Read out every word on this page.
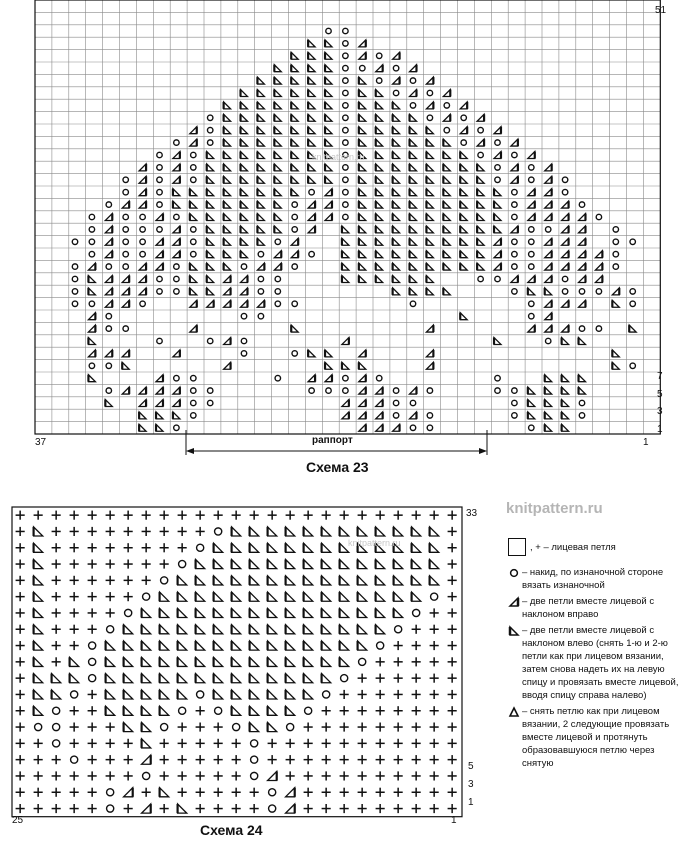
51
7
5
3
1
37	1
раппорт
Схема 23
33
5
3
1
25	1
Схема 24
knitpattern.ru
knitpattern.ru
knitpattern.ru	, + – лицевая петля
– накид, по изнаночной стороне вязать изнаночной
– две петли вместе лицевой с наклоном вправо
– две петли вместе лицевой с наклоном влево (снять 1-ю и 2-ю петли как при лицевом вязании, затем снова надеть их на левую спицу и провязать вместе лицевой, вводя спицу справа налево)
– снять петлю как при лицевом вязании, 2 следующие провязать вместе лицевой и протянуть образовавшуюся петлю через снятую
